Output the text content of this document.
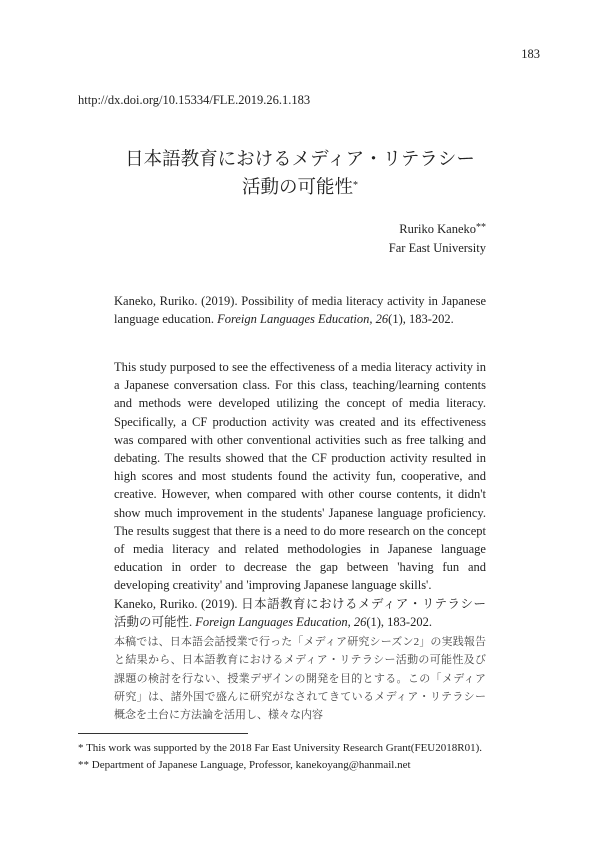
183
http://dx.doi.org/10.15334/FLE.2019.26.1.183
日本語教育におけるメディア・リテラシー
活動の可能性*
Ruriko Kaneko**
Far East University
Kaneko, Ruriko. (2019). Possibility of media literacy activity in Japanese language education. Foreign Languages Education, 26(1), 183-202.
This study purposed to see the effectiveness of a media literacy activity in a Japanese conversation class. For this class, teaching/learning contents and methods were developed utilizing the concept of media literacy. Specifically, a CF production activity was created and its effectiveness was compared with other conventional activities such as free talking and debating. The results showed that the CF production activity resulted in high scores and most students found the activity fun, cooperative, and creative. However, when compared with other course contents, it didn't show much improvement in the students' Japanese language proficiency. The results suggest that there is a need to do more research on the concept of media literacy and related methodologies in Japanese language education in order to decrease the gap between 'having fun and developing creativity' and 'improving Japanese language skills'.
Kaneko, Ruriko. (2019). 日本語教育におけるメディア・リテラシー活動の可能性. Foreign Languages Education, 26(1), 183-202.
本稿では、日本語会話授業で行った「メディア研究シーズン2」の実践報告と結果から、日本語教育におけるメディア・リテラシー活動の可能性及び課題の検討を行ない、授業デザインの開発を目的とする。この「メディア研究」は、諸外国で盛んに研究がなされてきているメディア・リテラシー概念を土台に方法論を活用し、様々な内容
* This work was supported by the 2018 Far East University Research Grant(FEU2018R01).
** Department of Japanese Language, Professor, kanekoyang@hanmail.net
